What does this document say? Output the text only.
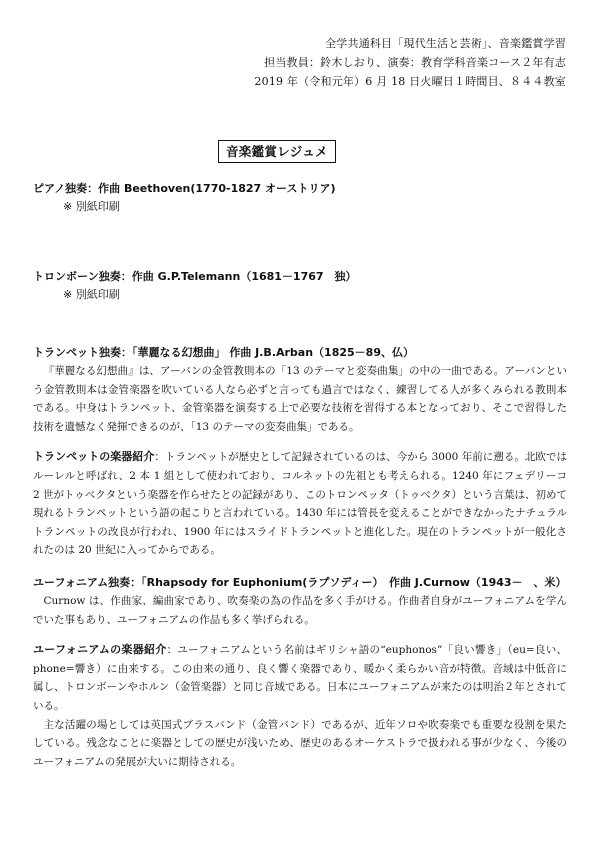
全学共通科目「現代生活と芸術」、音楽鑑賞学習
担当教員：鈴木しおり、演奏：教育学科音楽コース２年有志
2019 年（令和元年）6 月 18 日火曜日１時間目、８４４教室
音楽鑑賞レジュメ
ピアノ独奏：作曲 Beethoven(1770-1827 オーストリア)
※ 別紙印刷
トロンボーン独奏：作曲 G.P.Telemann（1681－1767　独）
※ 別紙印刷
トランペット独奏：「華麗なる幻想曲」 作曲 J.B.Arban（1825－89、仏）

『華麗なる幻想曲』は、アーバンの金管教則本の「13 のテーマと変奏曲集」の中の一曲である。アーバンという金管教則本は金管楽器を吹いている人なら必ずと言っても過言ではなく、練習してる人が多くみられる教則本である。中身はトランペット、金管楽器を演奏する上で必要な技術を習得する本となっており、そこで習得した技術を遺憾なく発揮できるのが、「13 のテーマの変奏曲集」である。

トランペットの楽器紹介：トランペットが歴史として記録されているのは、今から 3000 年前に遡る。北欧ではルーレルと呼ばれ、2 本 1 組として使われており、コルネットの先祖とも考えられる。1240 年にフェデリーコ 2 世がトゥベクタという楽器を作らせたとの記録があり、このトロンペッタ（トゥベクタ）という言葉は、初めて現れるトランペットという語の起こりと言われている。1430 年には管長を変えることができなかったナチュラルトランペットの改良が行われ、1900 年にはスライドトランペットと進化した。現在のトランペットが一般化されたのは 20 世紀に入ってからである。

ユーフォニアム独奏：「Rhapsody for Euphonium(ラプソディー）　作曲 J.Curnow（1943－　、米）

Curnow は、作曲家、編曲家であり、吹奏楽の為の作品を多く手がける。作曲者自身がユーフォニアムを学んでいた事もあり、ユーフォニアムの作品も多く挙げられる。

ユーフォニアムの楽器紹介：ユーフォニアムという名前はギリシャ語の“euphonos”「良い響き」（eu=良い、phone=響き）に由来する。この由来の通り、良く響く楽器であり、暖かく柔らかい音が特徴。音域は中低音に属し、トロンボーンやホルン（金管楽器）と同じ音域である。日本にユーフォニアムが来たのは明治２年とされている。

主な活躍の場としては英国式ブラスバンド（金管バンド）であるが、近年ソロや吹奏楽でも重要な役割を果たしている。残念なことに楽器としての歴史が浅いため、歴史のあるオーケストラで扱われる事が少なく、今後のユーフォニアムの発展が大いに期待される。
